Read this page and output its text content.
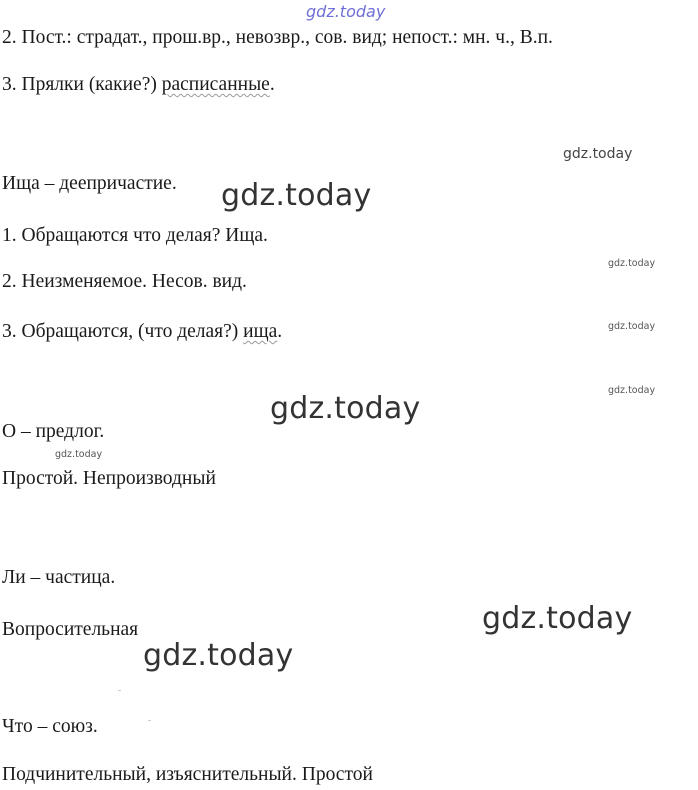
gdz.today
2. Пост.: страдат., прош.вр., невозвр., сов. вид; непост.: мн. ч., В.п.
3. Прялки (какие?) расписанные.
gdz.today
Ища – деепричастие. gdz.today
1. Обращаются что делая? Ища.
gdz.today
2. Неизменяемое. Несов. вид.
3. Обращаются, (что делая?) ища.	gdz.today
gdz.today
gdz.today
О – предлог.
gdz.today
Простой. Непроизводный
Ли – частица.
gdz.today
Вопросительная
gdz.today
Что – союз.
Подчинительный, изъяснительный. Простой
